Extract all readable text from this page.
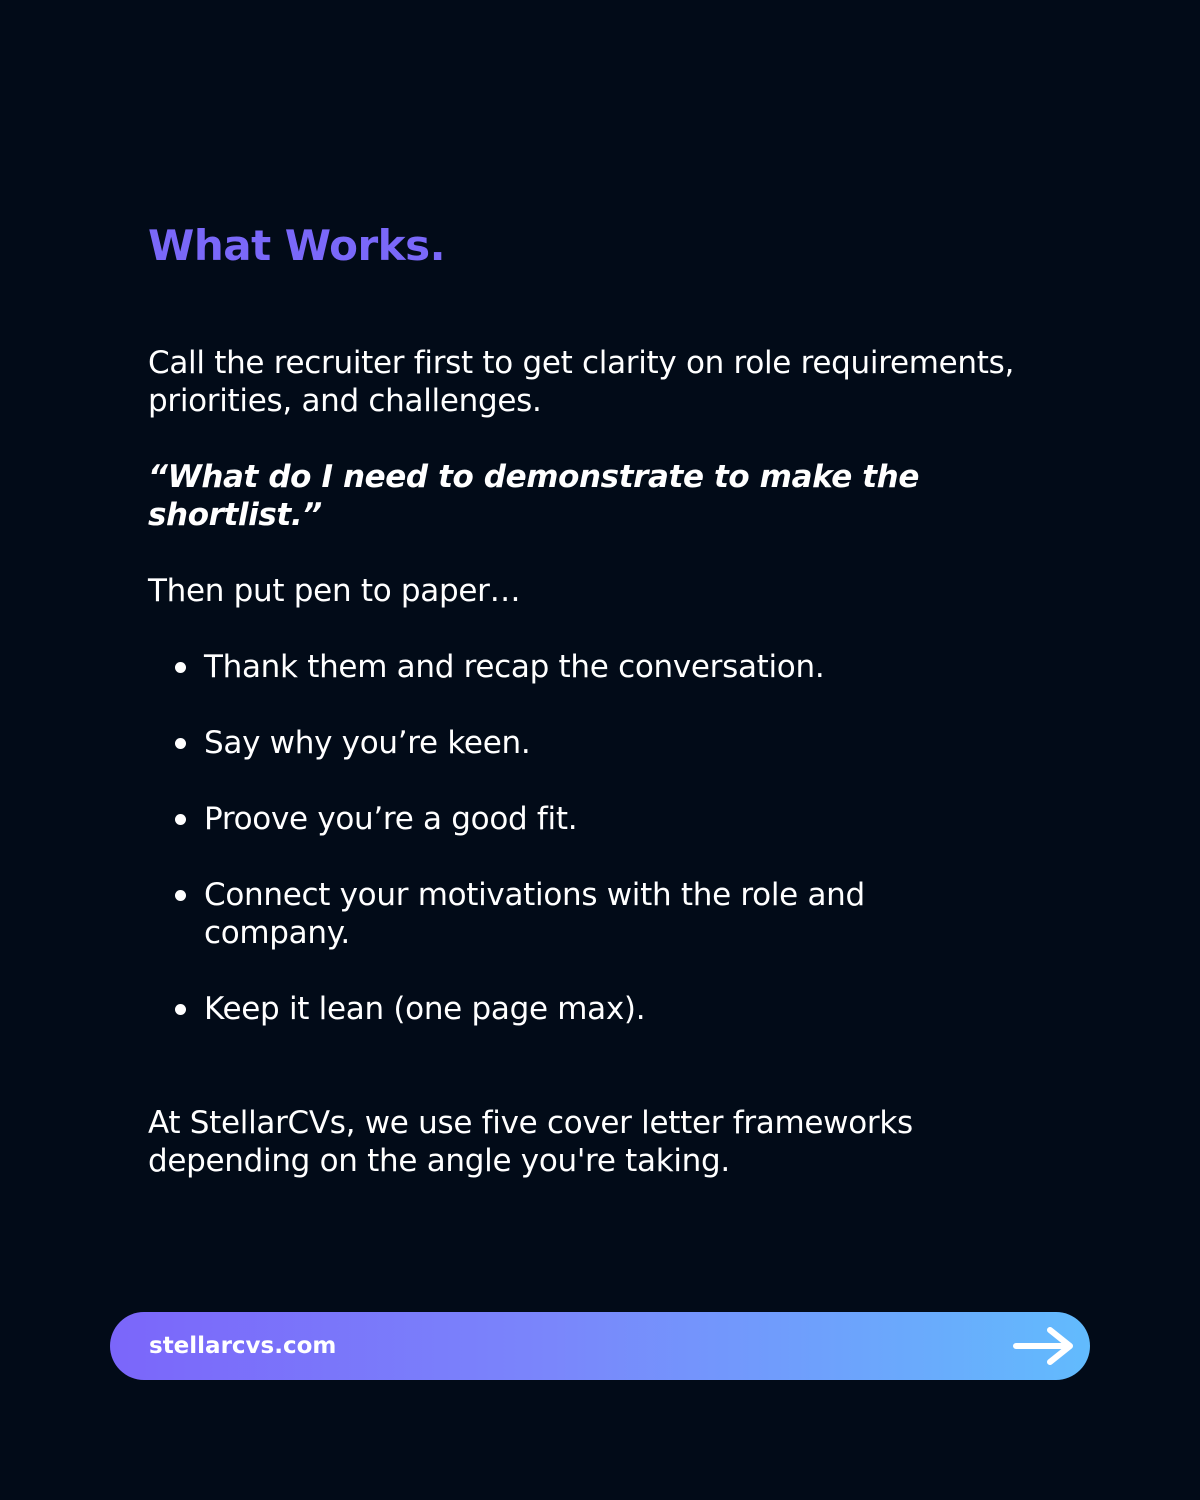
What Works.

Call the recruiter first to get clarity on role requirements, priorities, and challenges.

“What do I need to demonstrate to make the shortlist.”

Then put pen to paper…

Thank them and recap the conversation.
Say why you’re keen.
Proove you’re a good fit.
Connect your motivations with the role and company.
Keep it lean (one page max).

At StellarCVs, we use five cover letter frameworks depending on the angle you're taking.

stellarcvs.com
